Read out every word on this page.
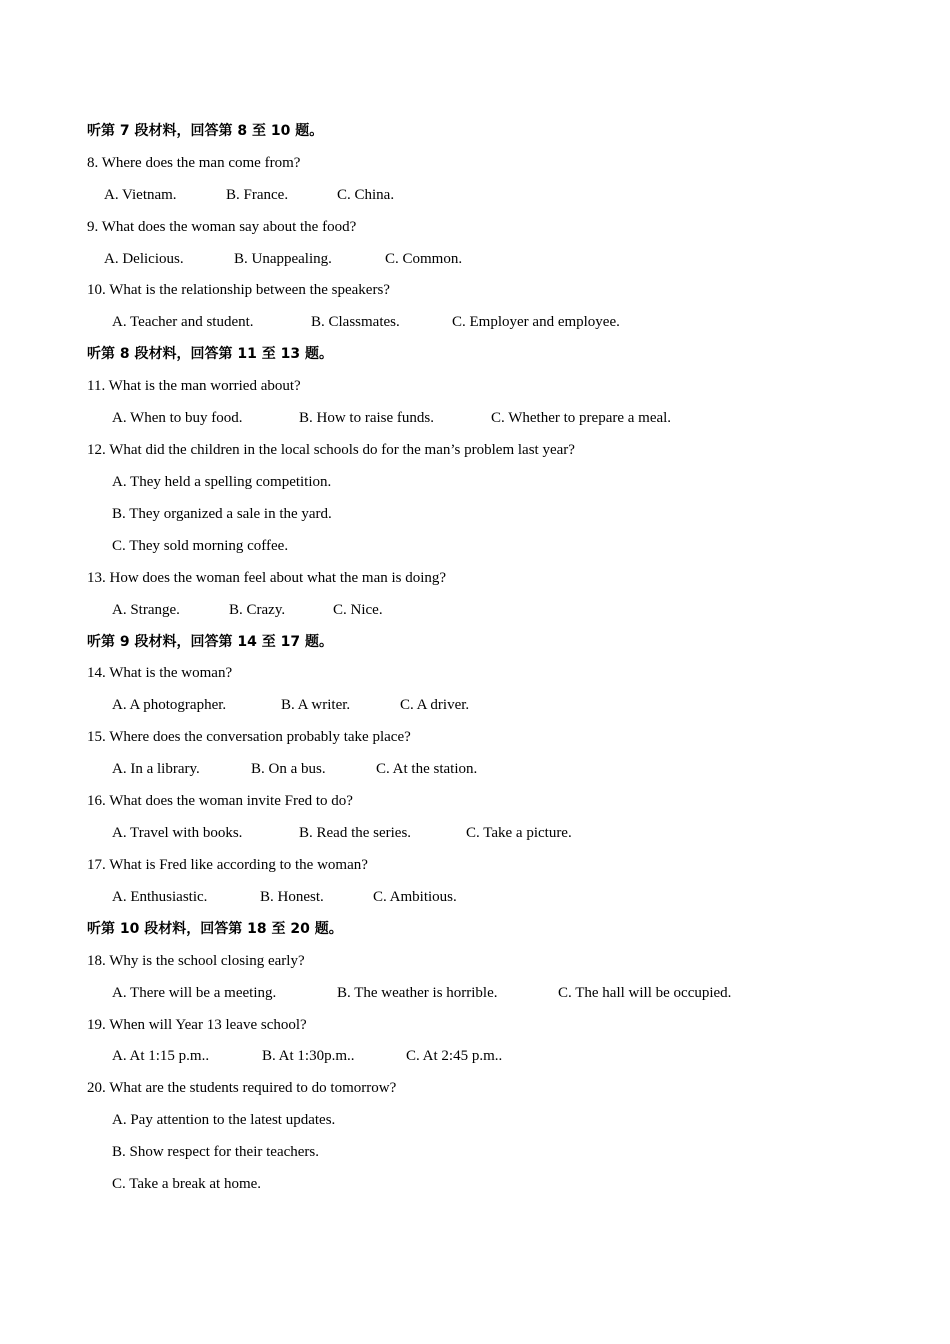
听第 7 段材料，回答第 8 至 10 题。
8. Where does the man come from?
A. Vietnam.	B. France.	C. China.
9. What does the woman say about the food?
A. Delicious.	B. Unappealing.	C. Common.
10. What is the relationship between the speakers?
A. Teacher and student.	B. Classmates.	C. Employer and employee.
听第 8 段材料，回答第 11 至 13 题。
11. What is the man worried about?
A. When to buy food.	B. How to raise funds.	C. Whether to prepare a meal.
12. What did the children in the local schools do for the man’s problem last year?
A. They held a spelling competition.
B. They organized a sale in the yard.
C. They sold morning coffee.
13. How does the woman feel about what the man is doing?
A. Strange.	B. Crazy.	C. Nice.
听第 9 段材料，回答第 14 至 17 题。
14. What is the woman?
A. A photographer.	B. A writer.	C. A driver.
15. Where does the conversation probably take place?
A. In a library.	B. On a bus.	C. At the station.
16. What does the woman invite Fred to do?
A. Travel with books.	B. Read the series.	C. Take a picture.
17. What is Fred like according to the woman?
A. Enthusiastic.	B. Honest.	C. Ambitious.
听第 10 段材料，回答第 18 至 20 题。
18. Why is the school closing early?
A. There will be a meeting.	B. The weather is horrible.	C. The hall will be occupied.
19. When will Year 13 leave school?
A. At 1:15 p.m..	B. At 1:30p.m..	C. At 2:45 p.m..
20. What are the students required to do tomorrow?
A. Pay attention to the latest updates.
B. Show respect for their teachers.
C. Take a break at home.
